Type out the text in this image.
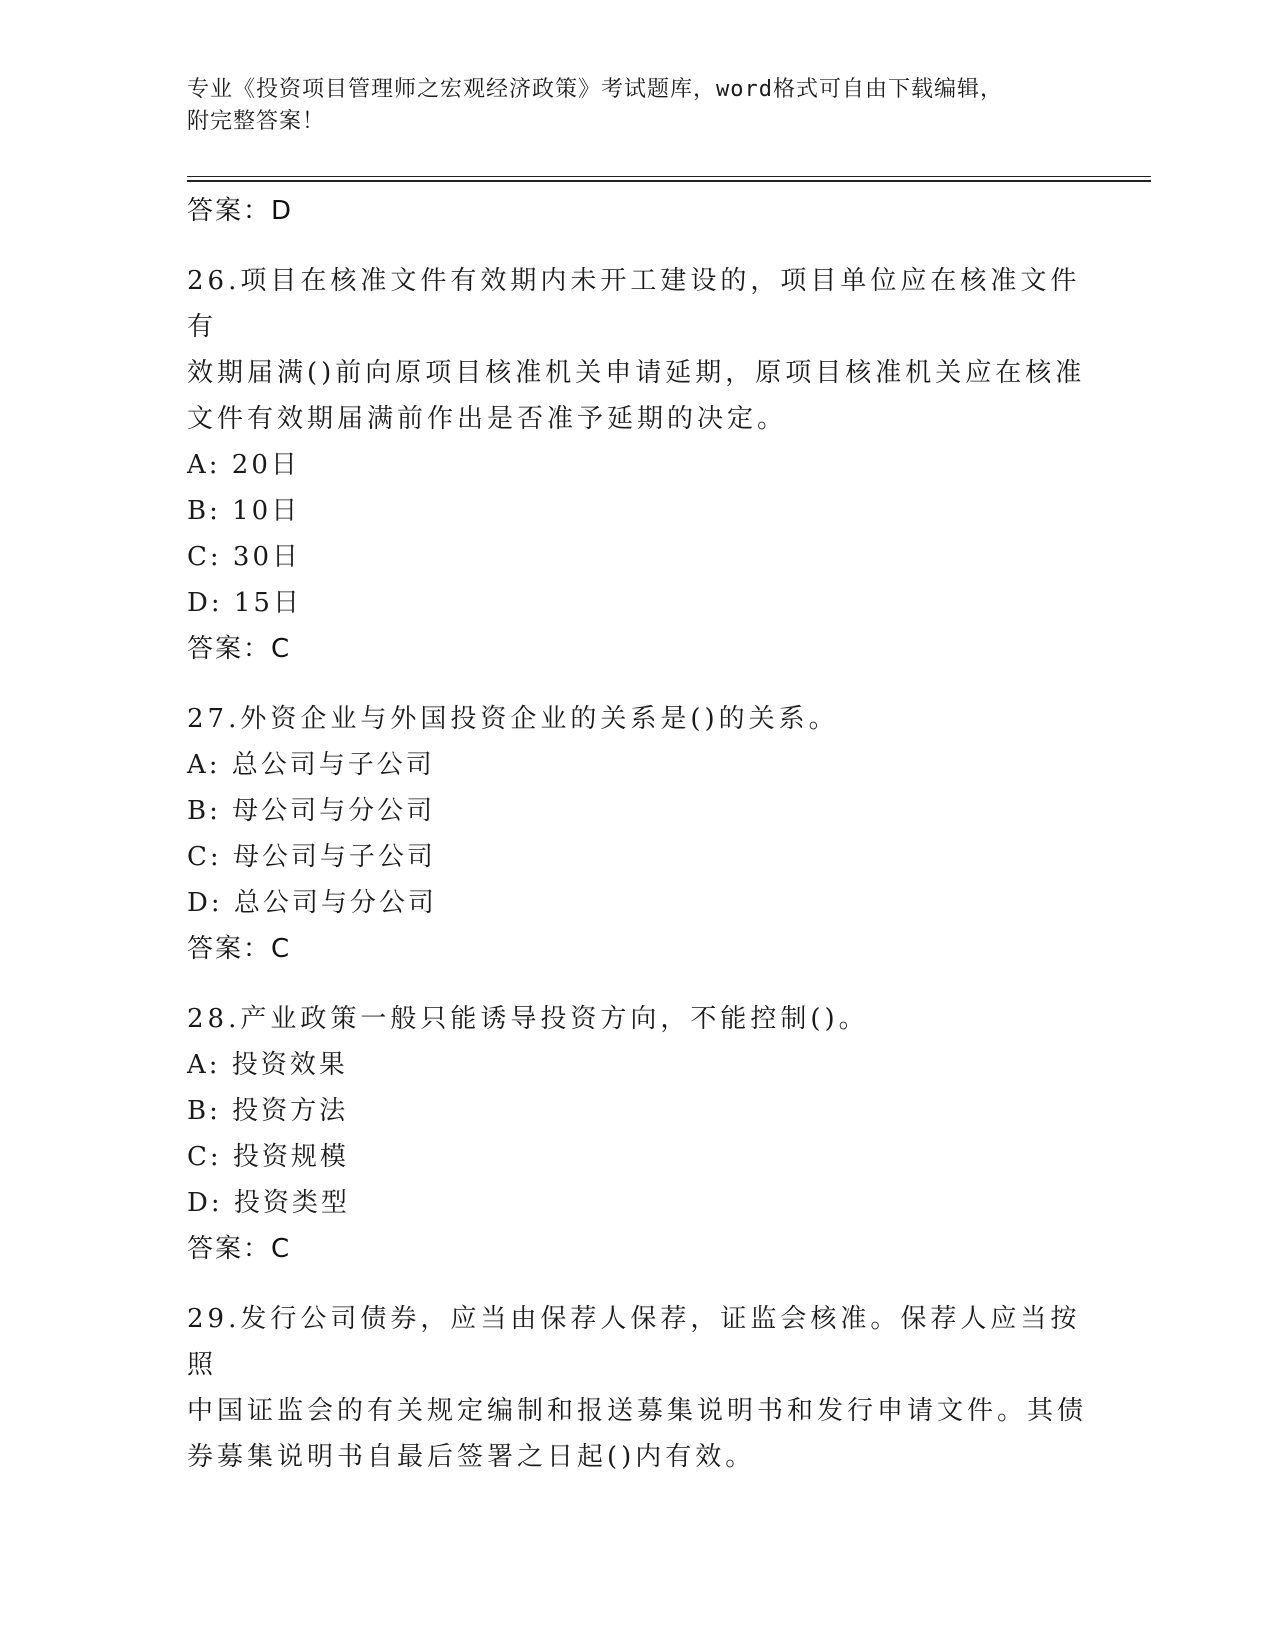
专业《投资项目管理师之宏观经济政策》考试题库，word格式可自由下载编辑，
附完整答案！
答案：D
26.项目在核准文件有效期内未开工建设的，项目单位应在核准文件有
效期届满()前向原项目核准机关申请延期，原项目核准机关应在核准
文件有效期届满前作出是否准予延期的决定。
A: 20日
B: 10日
C: 30日
D: 15日
答案：C
27.外资企业与外国投资企业的关系是()的关系。
A: 总公司与子公司
B: 母公司与分公司
C: 母公司与子公司
D: 总公司与分公司
答案：C
28.产业政策一般只能诱导投资方向，不能控制()。
A: 投资效果
B: 投资方法
C: 投资规模
D: 投资类型
答案：C
29.发行公司债券，应当由保荐人保荐，证监会核准。保荐人应当按照
中国证监会的有关规定编制和报送募集说明书和发行申请文件。其债
券募集说明书自最后签署之日起()内有效。
